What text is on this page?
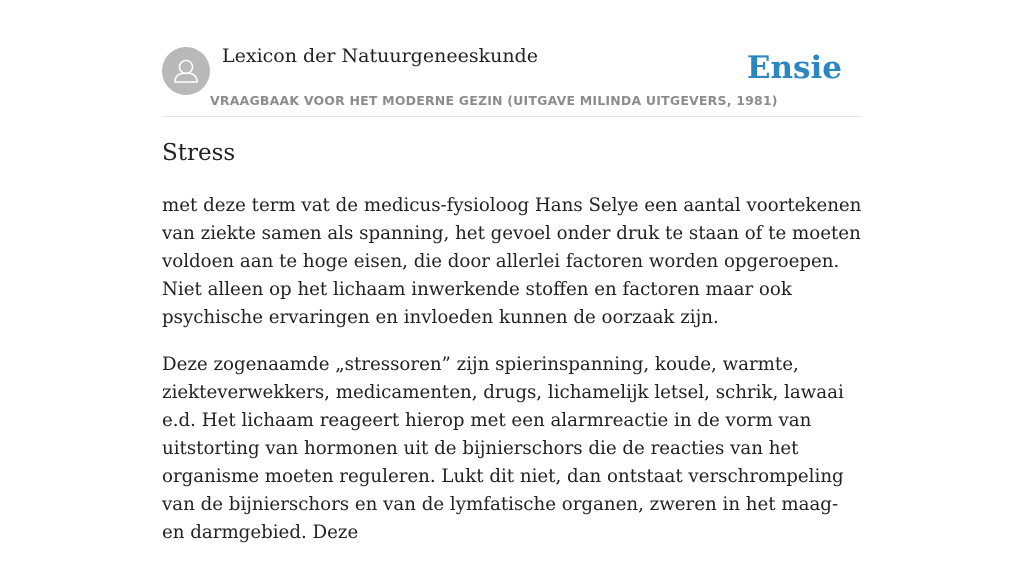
Lexicon der Natuurgeneeskunde
VRAAGBAAK VOOR HET MODERNE GEZIN (UITGAVE MILINDA UITGEVERS, 1981)
Ensie
Stress

met deze term vat de medicus-fysioloog Hans Selye een aantal voortekenen van ziekte samen als spanning, het gevoel onder druk te staan of te moeten voldoen aan te hoge eisen, die door allerlei factoren worden opgeroepen. Niet alleen op het lichaam inwerkende stoffen en factoren maar ook psychische ervaringen en invloeden kunnen de oorzaak zijn.

Deze zogenaamde „stressoren” zijn spierinspanning, koude, warmte, ziekteverwekkers, medicamenten, drugs, lichamelijk letsel, schrik, lawaai e.d. Het lichaam reageert hierop met een alarmreactie in de vorm van uitstorting van hormonen uit de bijnierschors die de reacties van het organisme moeten reguleren. Lukt dit niet, dan ontstaat verschrompeling van de bijnierschors en van de lymfatische organen, zweren in het maag- en darmgebied. Deze
